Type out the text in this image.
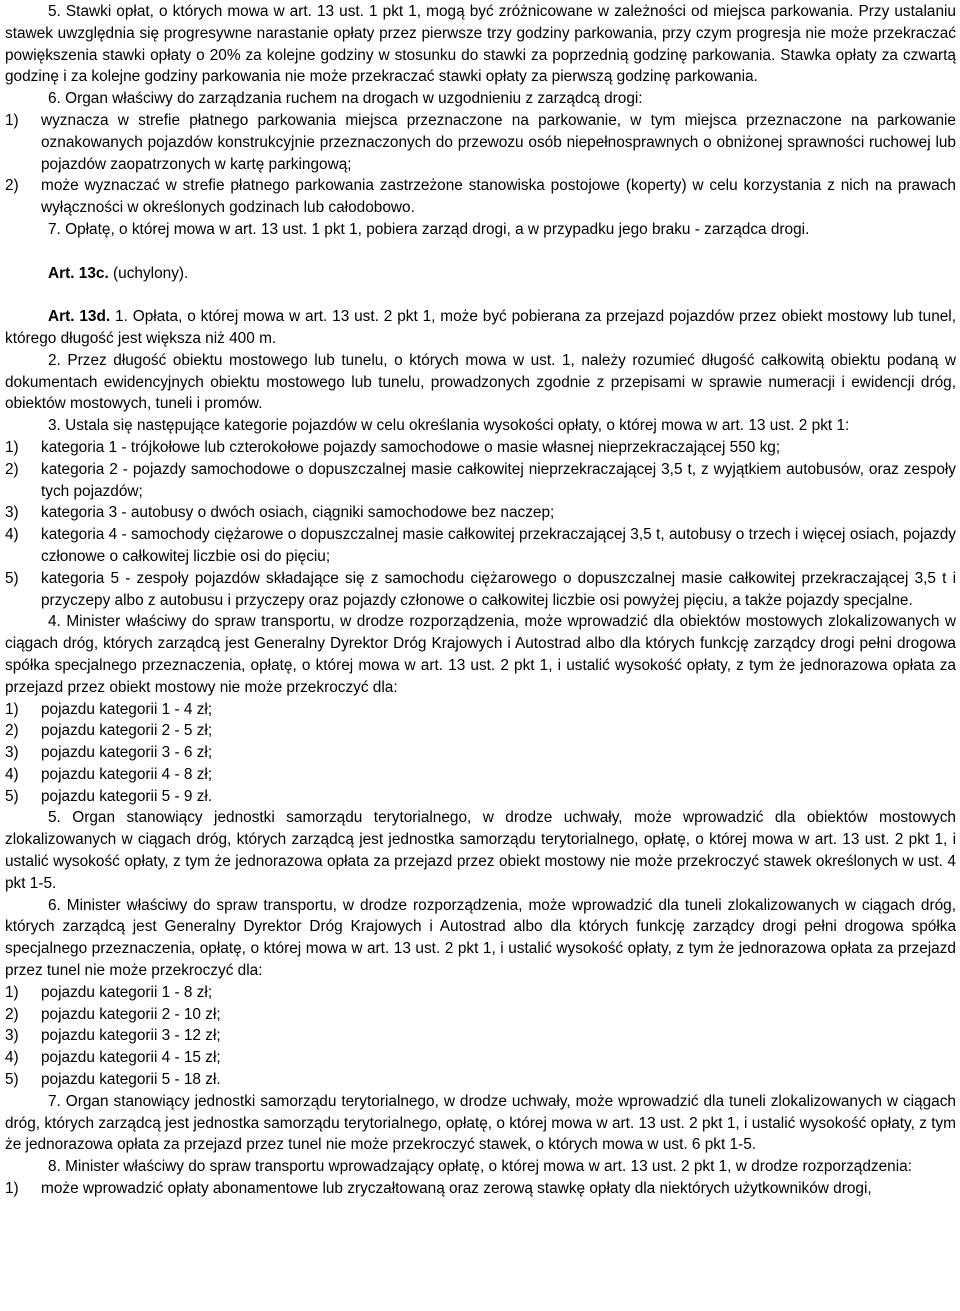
5. Stawki opłat, o których mowa w art. 13 ust. 1 pkt 1, mogą być zróżnicowane w zależności od miejsca parkowania. Przy ustalaniu stawek uwzględnia się progresywne narastanie opłaty przez pierwsze trzy godziny parkowania, przy czym progresja nie może przekraczać powiększenia stawki opłaty o 20% za kolejne godziny w stosunku do stawki za poprzednią godzinę parkowania. Stawka opłaty za czwartą godzinę i za kolejne godziny parkowania nie może przekraczać stawki opłaty za pierwszą godzinę parkowania.

6. Organ właściwy do zarządzania ruchem na drogach w uzgodnieniu z zarządcą drogi:

1)	wyznacza w strefie płatnego parkowania miejsca przeznaczone na parkowanie, w tym miejsca przeznaczone na parkowanie oznakowanych pojazdów konstrukcyjnie przeznaczonych do przewozu osób niepełnosprawnych o obniżonej sprawności ruchowej lub pojazdów zaopatrzonych w kartę parkingową;
2)	może wyznaczać w strefie płatnego parkowania zastrzeżone stanowiska postojowe (koperty) w celu korzystania z nich na prawach wyłączności w określonych godzinach lub całodobowo.

7. Opłatę, o której mowa w art. 13 ust. 1 pkt 1, pobiera zarząd drogi, a w przypadku jego braku - zarządca drogi.

Art. 13c. (uchylony).

Art. 13d. 1. Opłata, o której mowa w art. 13 ust. 2 pkt 1, może być pobierana za przejazd pojazdów przez obiekt mostowy lub tunel, którego długość jest większa niż 400 m.

2. Przez długość obiektu mostowego lub tunelu, o których mowa w ust. 1, należy rozumieć długość całkowitą obiektu podaną w dokumentach ewidencyjnych obiektu mostowego lub tunelu, prowadzonych zgodnie z przepisami w sprawie numeracji i ewidencji dróg, obiektów mostowych, tuneli i promów.

3. Ustala się następujące kategorie pojazdów w celu określania wysokości opłaty, o której mowa w art. 13 ust. 2 pkt 1:

1)	kategoria 1 - trójkołowe lub czterokołowe pojazdy samochodowe o masie własnej nieprzekraczającej 550 kg;
2)	kategoria 2 - pojazdy samochodowe o dopuszczalnej masie całkowitej nieprzekraczającej 3,5 t, z wyjątkiem autobusów, oraz zespoły tych pojazdów;
3)	kategoria 3 - autobusy o dwóch osiach, ciągniki samochodowe bez naczep;
4)	kategoria 4 - samochody ciężarowe o dopuszczalnej masie całkowitej przekraczającej 3,5 t, autobusy o trzech i więcej osiach, pojazdy członowe o całkowitej liczbie osi do pięciu;
5)	kategoria 5 - zespoły pojazdów składające się z samochodu ciężarowego o dopuszczalnej masie całkowitej przekraczającej 3,5 t i przyczepy albo z autobusu i przyczepy oraz pojazdy członowe o całkowitej liczbie osi powyżej pięciu, a także pojazdy specjalne.

4. Minister właściwy do spraw transportu, w drodze rozporządzenia, może wprowadzić dla obiektów mostowych zlokalizowanych w ciągach dróg, których zarządcą jest Generalny Dyrektor Dróg Krajowych i Autostrad albo dla których funkcję zarządcy drogi pełni drogowa spółka specjalnego przeznaczenia, opłatę, o której mowa w art. 13 ust. 2 pkt 1, i ustalić wysokość opłaty, z tym że jednorazowa opłata za przejazd przez obiekt mostowy nie może przekroczyć dla:

1)	pojazdu kategorii 1 - 4 zł;
2)	pojazdu kategorii 2 - 5 zł;
3)	pojazdu kategorii 3 - 6 zł;
4)	pojazdu kategorii 4 - 8 zł;
5)	pojazdu kategorii 5 - 9 zł.

5. Organ stanowiący jednostki samorządu terytorialnego, w drodze uchwały, może wprowadzić dla obiektów mostowych zlokalizowanych w ciągach dróg, których zarządcą jest jednostka samorządu terytorialnego, opłatę, o której mowa w art. 13 ust. 2 pkt 1, i ustalić wysokość opłaty, z tym że jednorazowa opłata za przejazd przez obiekt mostowy nie może przekroczyć stawek określonych w ust. 4 pkt 1-5.

6. Minister właściwy do spraw transportu, w drodze rozporządzenia, może wprowadzić dla tuneli zlokalizowanych w ciągach dróg, których zarządcą jest Generalny Dyrektor Dróg Krajowych i Autostrad albo dla których funkcję zarządcy drogi pełni drogowa spółka specjalnego przeznaczenia, opłatę, o której mowa w art. 13 ust. 2 pkt 1, i ustalić wysokość opłaty, z tym że jednorazowa opłata za przejazd przez tunel nie może przekroczyć dla:

1)	pojazdu kategorii 1 - 8 zł;
2)	pojazdu kategorii 2 - 10 zł;
3)	pojazdu kategorii 3 - 12 zł;
4)	pojazdu kategorii 4 - 15 zł;
5)	pojazdu kategorii 5 - 18 zł.

7. Organ stanowiący jednostki samorządu terytorialnego, w drodze uchwały, może wprowadzić dla tuneli zlokalizowanych w ciągach dróg, których zarządcą jest jednostka samorządu terytorialnego, opłatę, o której mowa w art. 13 ust. 2 pkt 1, i ustalić wysokość opłaty, z tym że jednorazowa opłata za przejazd przez tunel nie może przekroczyć stawek, o których mowa w ust. 6 pkt 1-5.

8. Minister właściwy do spraw transportu wprowadzający opłatę, o której mowa w art. 13 ust. 2 pkt 1, w drodze rozporządzenia:

1)	może wprowadzić opłaty abonamentowe lub zryczałtowaną oraz zerową stawkę opłaty dla niektórych użytkowników drogi,
